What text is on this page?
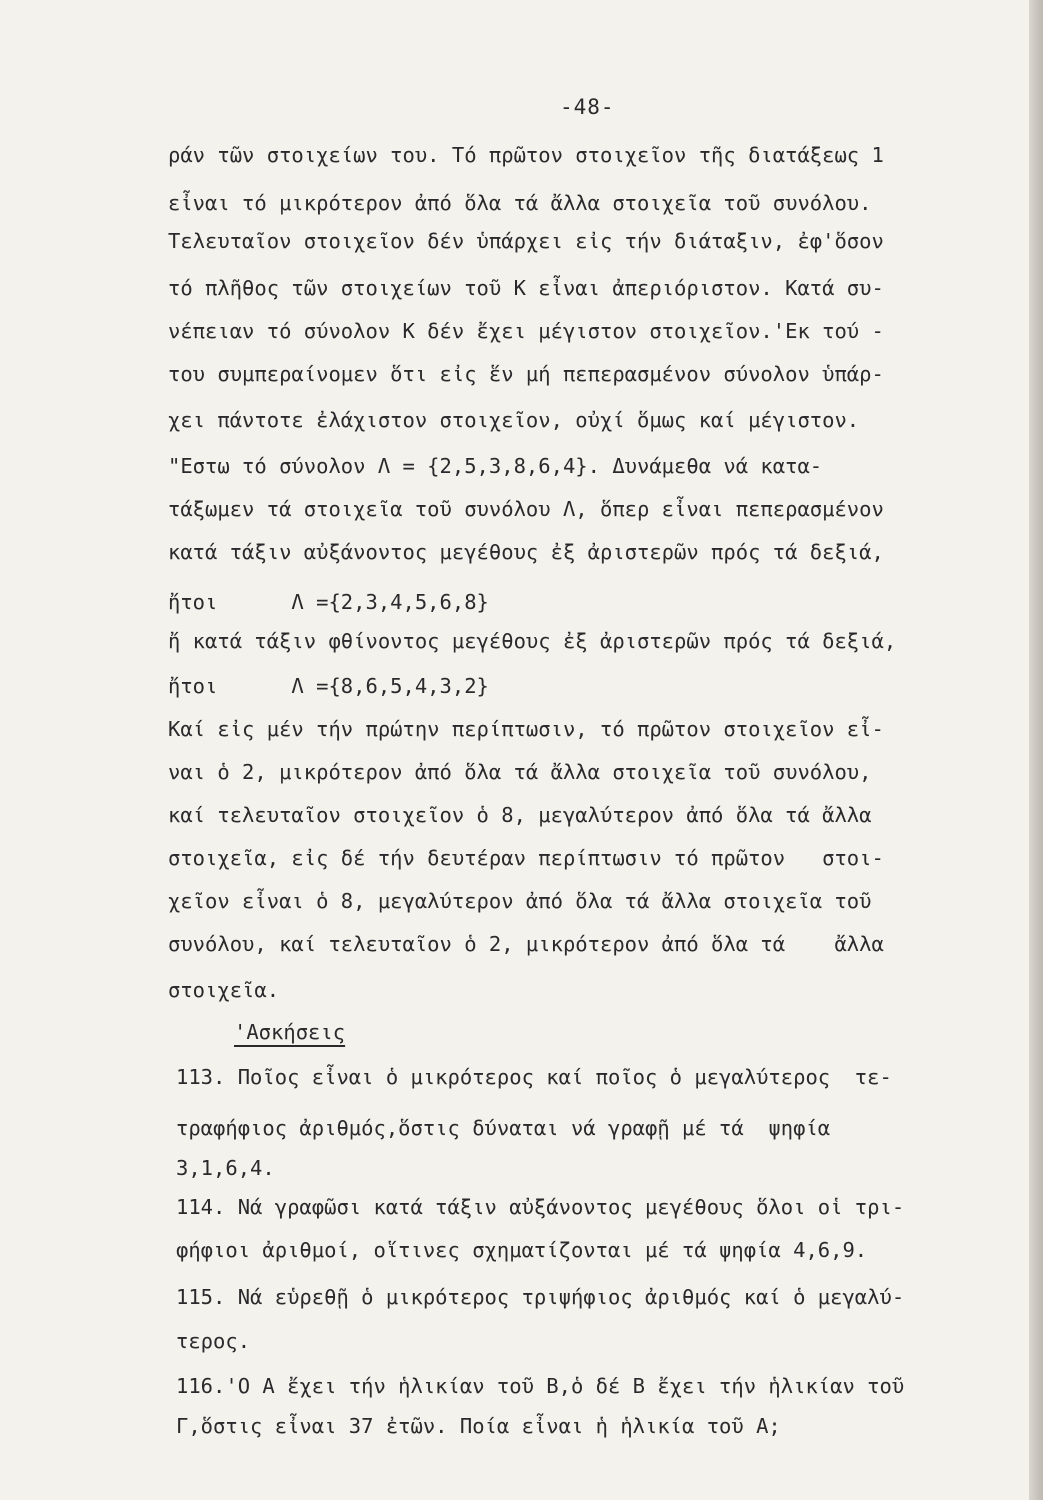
-48-
ράν τῶν στοιχείων του. Τό πρῶτον στοιχεῖον τῆς διατάξεως 1
εἶναι τό μικρότερον ἀπό ὅλα τά ἄλλα στοιχεῖα τοῦ συνόλου.
Τελευταῖον στοιχεῖον δέν ὑπάρχει εἰς τήν διάταξιν, ἐφ'ὅσον
τό πλῆθος τῶν στοιχείων τοῦ Κ εἶναι ἀπεριόριστον. Κατά συ-
νέπειαν τό σύνολον Κ δέν ἔχει μέγιστον στοιχεῖον.'Εκ τού -
του συμπεραίνομεν ὅτι εἰς ἕν μή πεπερασμένον σύνολον ὑπάρ-
χει πάντοτε ἐλάχιστον στοιχεῖον, οὐχί ὅμως καί μέγιστον.
"Εστω τό σύνολον Λ = {2,5,3,8,6,4}. Δυνάμεθα νά κατα-
τάξωμεν τά στοιχεῖα τοῦ συνόλου Λ, ὅπερ εἶναι πεπερασμένον
κατά τάξιν αὐξάνοντος μεγέθους ἐξ ἀριστερῶν πρός τά δεξιά,
ἤτοι      Λ ={2,3,4,5,6,8}
ἤ κατά τάξιν φθίνοντος μεγέθους ἐξ ἀριστερῶν πρός τά δεξιά,
ἤτοι      Λ ={8,6,5,4,3,2}
Καί εἰς μέν τήν πρώτην περίπτωσιν, τό πρῶτον στοιχεῖον εἶ-
ναι ὁ 2, μικρότερον ἀπό ὅλα τά ἄλλα στοιχεῖα τοῦ συνόλου,
καί τελευταῖον στοιχεῖον ὁ 8, μεγαλύτερον ἀπό ὅλα τά ἄλλα
στοιχεῖα, εἰς δέ τήν δευτέραν περίπτωσιν τό πρῶτον   στοι-
χεῖον εἶναι ὁ 8, μεγαλύτερον ἀπό ὅλα τά ἄλλα στοιχεῖα τοῦ
συνόλου, καί τελευταῖον ὁ 2, μικρότερον ἀπό ὅλα τά    ἄλλα
στοιχεῖα.
'Ασκήσεις
113. Ποῖος εἶναι ὁ μικρότερος καί ποῖος ὁ μεγαλύτερος  τε-
τραφήφιος ἀριθμός,ὅστις δύναται νά γραφῇ μέ τά  ψηφία
3,1,6,4.
114. Νά γραφῶσι κατά τάξιν αὐξάνοντος μεγέθους ὅλοι οἱ τρι-
φήφιοι ἀριθμοί, οἵτινες σχηματίζονται μέ τά ψηφία 4,6,9.
115. Νά εὑρεθῇ ὁ μικρότερος τριψήφιος ἀριθμός καί ὁ μεγαλύ-
τερος.
116.'Ο Α ἔχει τήν ἡλικίαν τοῦ Β,ὁ δέ Β ἔχει τήν ἡλικίαν τοῦ
Γ,ὅστις εἶναι 37 ἐτῶν. Ποία εἶναι ἡ ἡλικία τοῦ Α;
